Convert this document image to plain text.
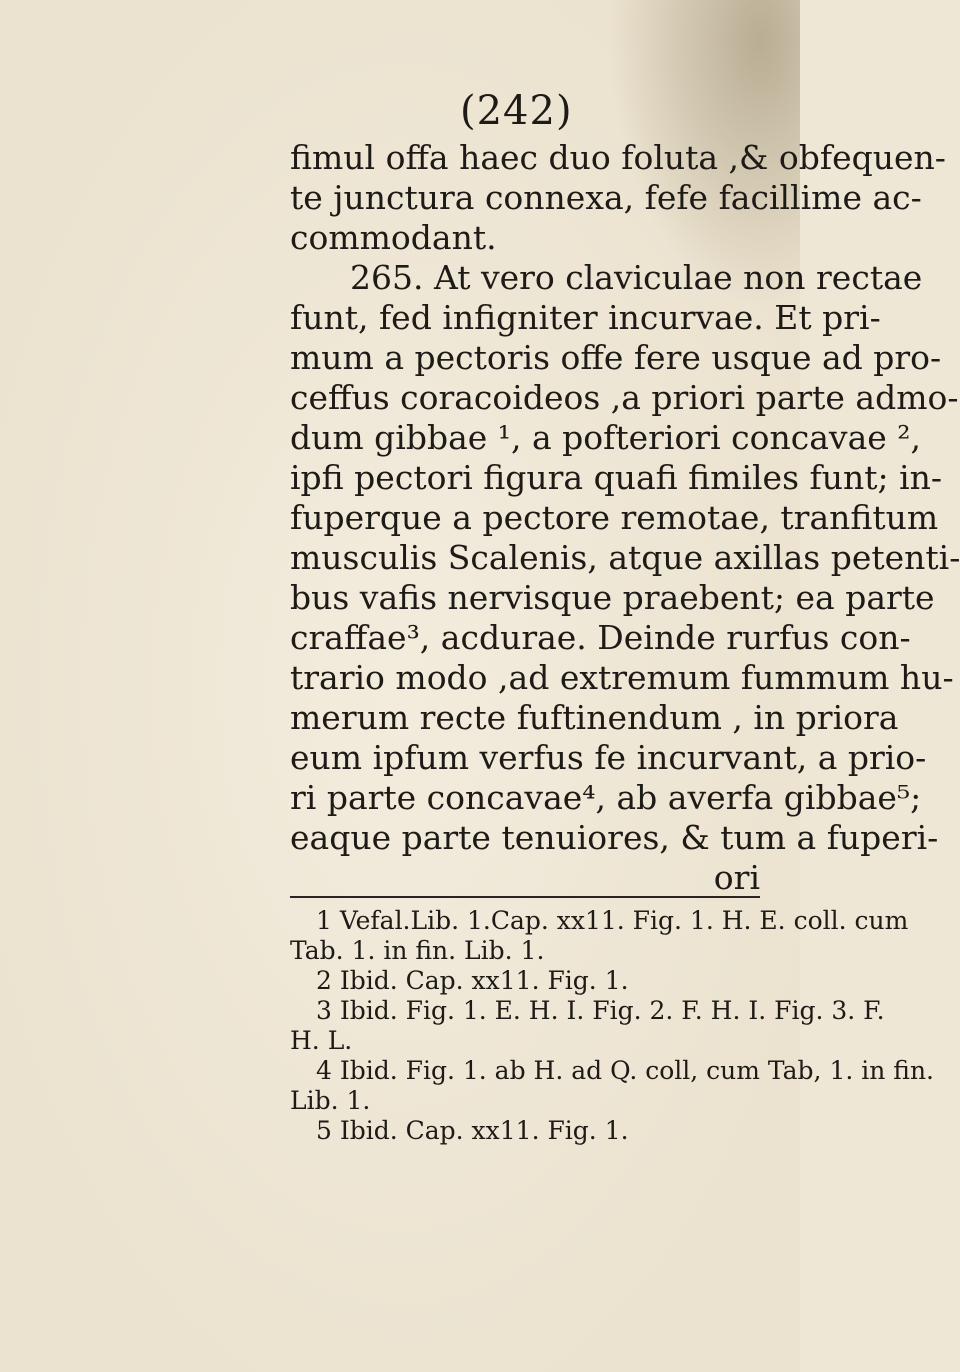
(242)
fimul offa haec duo foluta ,& obfequen-
te junctura connexa, fefe facillime ac-
commodant.
265. At vero claviculae non rectae
funt, fed infigniter incurvae. Et pri-
mum a pectoris offe fere usque ad pro-
ceffus coracoideos ,a priori parte admo-
dum gibbae ¹, a pofteriori concavae ²,
ipfi pectori figura quafi fimiles funt; in-
fuperque a pectore remotae, tranfitum
musculis Scalenis, atque axillas petenti-
bus vafis nervisque praebent; ea parte
craffae³, acdurae. Deinde rurfus con-
trario modo ,ad extremum fummum hu-
merum recte fuftinendum , in priora
eum ipfum verfus fe incurvant, a prio-
ri parte concavae⁴, ab averfa gibbae⁵;
eaque parte tenuiores, & tum a fuperi-
ori
1 Vefal.Lib. 1.Cap. xx11. Fig. 1. H. E. coll. cum
Tab. 1. in fin. Lib. 1.
2 Ibid. Cap. xx11. Fig. 1.
3 Ibid. Fig. 1. E. H. I. Fig. 2. F. H. I. Fig. 3. F.
H. L.
4 Ibid. Fig. 1. ab H. ad Q. coll, cum Tab, 1. in fin.
Lib. 1.
5 Ibid. Cap. xx11. Fig. 1.
